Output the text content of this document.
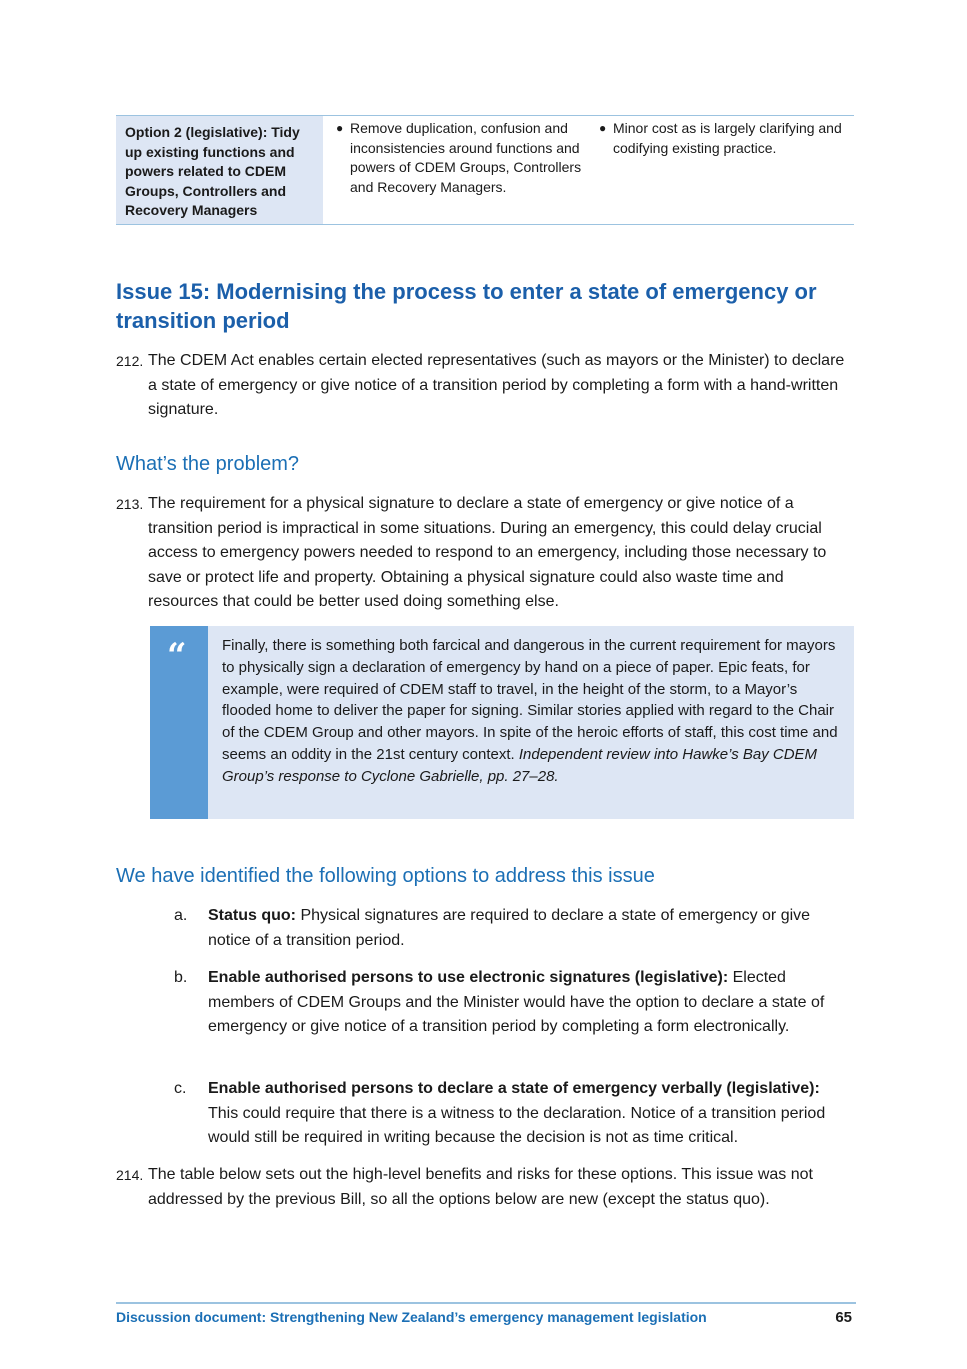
Option 2 (legislative): Tidy up existing functions and powers related to CDEM Groups, Controllers and Recovery Managers
● Remove duplication, confusion and inconsistencies around functions and powers of CDEM Groups, Controllers and Recovery Managers.
● Minor cost as is largely clarifying and codifying existing practice.
Issue 15: Modernising the process to enter a state of emergency or transition period
212. The CDEM Act enables certain elected representatives (such as mayors or the Minister) to declare a state of emergency or give notice of a transition period by completing a form with a hand-written signature.
What’s the problem?
213. The requirement for a physical signature to declare a state of emergency or give notice of a transition period is impractical in some situations. During an emergency, this could delay crucial access to emergency powers needed to respond to an emergency, including those necessary to save or protect life and property. Obtaining a physical signature could also waste time and resources that could be better used doing something else.
“	Finally, there is something both farcical and dangerous in the current requirement for mayors to physically sign a declaration of emergency by hand on a piece of paper. Epic feats, for example, were required of CDEM staff to travel, in the height of the storm, to a Mayor’s flooded home to deliver the paper for signing. Similar stories applied with regard to the Chair of the CDEM Group and other mayors. In spite of the heroic efforts of staff, this cost time and seems an oddity in the 21st century context. Independent review into Hawke’s Bay CDEM Group’s response to Cyclone Gabrielle, pp. 27–28.
We have identified the following options to address this issue
a. Status quo: Physical signatures are required to declare a state of emergency or give notice of a transition period.
b. Enable authorised persons to use electronic signatures (legislative): Elected members of CDEM Groups and the Minister would have the option to declare a state of emergency or give notice of a transition period by completing a form electronically.
c. Enable authorised persons to declare a state of emergency verbally (legislative): This could require that there is a witness to the declaration. Notice of a transition period would still be required in writing because the decision is not as time critical.
214. The table below sets out the high-level benefits and risks for these options. This issue was not addressed by the previous Bill, so all the options below are new (except the status quo).
Discussion document: Strengthening New Zealand’s emergency management legislation	65
